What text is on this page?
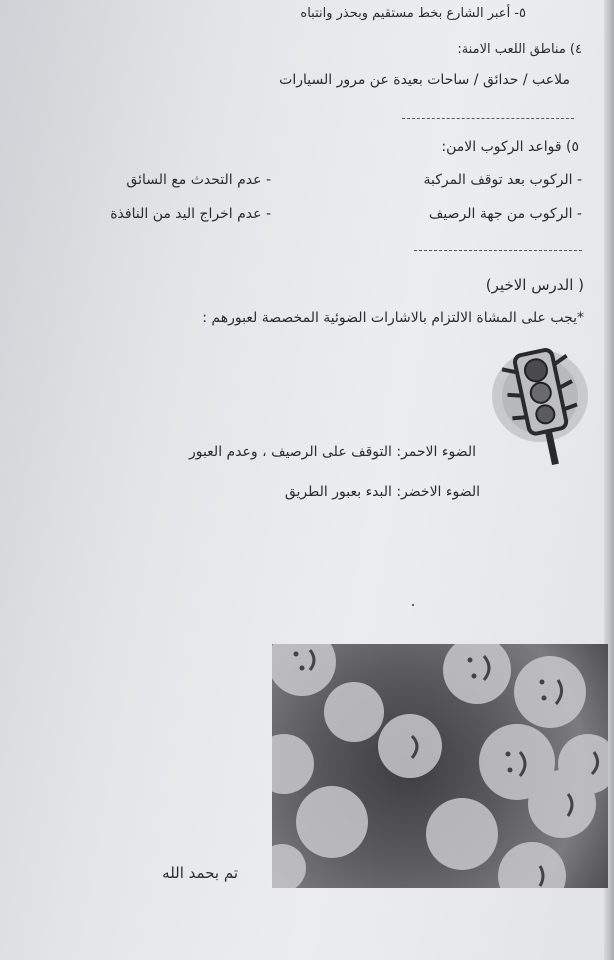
٥- أعبر الشارع بخط مستقيم وبحذر وانتباه
٤) مناطق اللعب الامنة:
ملاعب / حدائق / ساحات بعيدة عن مرور السيارات
٥) قواعد الركوب الامن:
- الركوب بعد توقف المركبة
- عدم التحدث مع السائق
- الركوب من جهة الرصيف
- عدم اخراج اليد من النافذة
( الدرس الاخير)
*يجب على المشاة الالتزام بالاشارات الضوئية المخصصة لعبورهم :
الضوء الاحمر: التوقف على الرصيف ، وعدم العبور
الضوء الاخضر: البدء بعبور الطريق
تم بحمد الله
